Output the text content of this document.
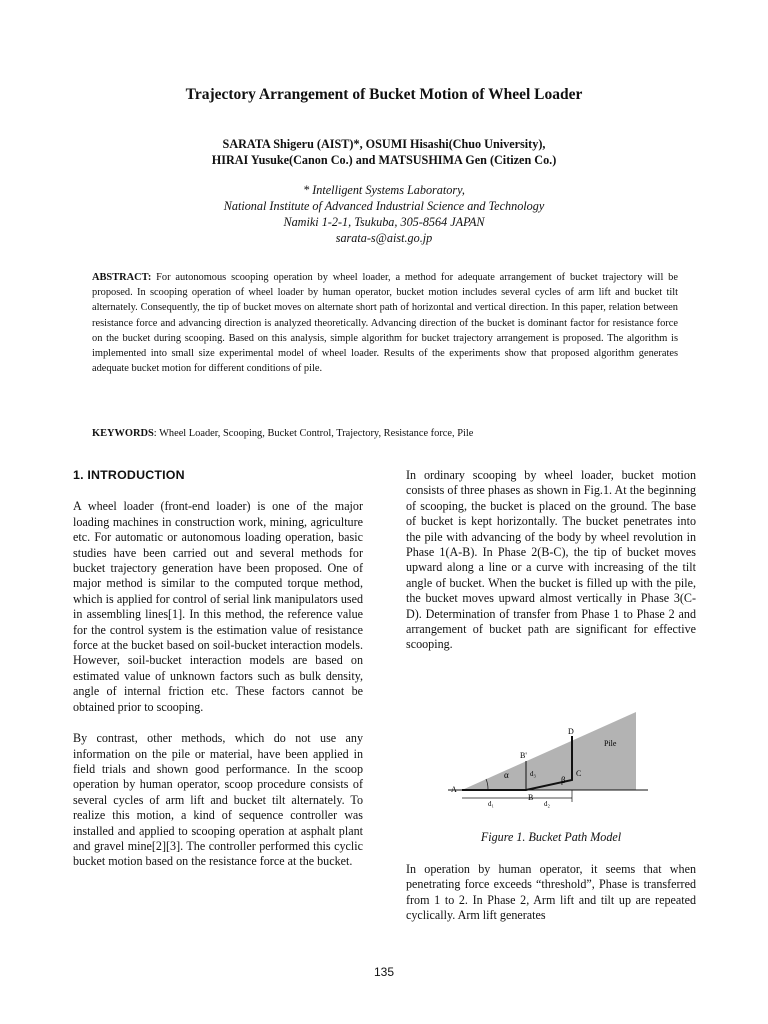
Trajectory Arrangement of Bucket Motion of Wheel Loader
SARATA Shigeru (AIST)*, OSUMI Hisashi(Chuo University),
HIRAI Yusuke(Canon Co.) and MATSUSHIMA Gen (Citizen Co.)
* Intelligent Systems Laboratory,
National Institute of Advanced Industrial Science and Technology
Namiki 1-2-1, Tsukuba, 305-8564 JAPAN
sarata-s@aist.go.jp
ABSTRACT: For autonomous scooping operation by wheel loader, a method for adequate arrangement of bucket trajectory will be proposed. In scooping operation of wheel loader by human operator, bucket motion includes several cycles of arm lift and bucket tilt alternately. Consequently, the tip of bucket moves on alternate short path of horizontal and vertical direction. In this paper, relation between resistance force and advancing direction is analyzed theoretically. Advancing direction of the bucket is dominant factor for resistance force on the bucket during scooping. Based on this analysis, simple algorithm for bucket trajectory arrangement is proposed. The algorithm is implemented into small size experimental model of wheel loader. Results of the experiments show that proposed algorithm generates adequate bucket motion for different conditions of pile.
KEYWORDS: Wheel Loader, Scooping, Bucket Control, Trajectory, Resistance force, Pile
1. INTRODUCTION

A wheel loader (front-end loader) is one of the major loading machines in construction work, mining, agriculture etc. For automatic or autonomous loading operation, basic studies have been carried out and several methods for bucket trajectory generation have been proposed. One of major method is similar to the computed torque method, which is applied for control of serial link manipulators used in assembling lines[1]. In this method, the reference value for the control system is the estimation value of resistance force at the bucket based on soil-bucket interaction models. However, soil-bucket interaction models are based on estimated value of unknown factors such as bulk density, angle of internal friction etc. These factors cannot be obtained prior to scooping.

By contrast, other methods, which do not use any information on the pile or material, have been applied in field trials and shown good performance. In the scoop operation by human operator, scoop procedure consists of several cycles of arm lift and bucket tilt alternately. To realize this motion, a kind of sequence controller was installed and applied to scooping operation at asphalt plant and gravel mine[2][3]. The controller performed this cyclic bucket motion based on the resistance force at the bucket.

In ordinary scooping by wheel loader, bucket motion consists of three phases as shown in Fig.1. At the beginning of scooping, the bucket is placed on the ground. The base of bucket is kept horizontally. The bucket penetrates into the pile with advancing of the body by wheel revolution in Phase 1(A-B). In Phase 2(B-C), the tip of bucket moves upward along a line or a curve with increasing of the tilt angle of bucket. When the bucket is filled up with the pile, the bucket moves upward almost vertically in Phase 3(C-D). Determination of transfer from Phase 1 to Phase 2 and arrangement of bucket path are significant for effective scooping.

A
B
B'
C
D
Pile
α	β
d₃
d₁	d₂
Figure 1. Bucket Path Model

In operation by human operator, it seems that when penetrating force exceeds “threshold”, Phase is transferred from 1 to 2. In Phase 2, Arm lift and tilt up are repeated cyclically. Arm lift generates

135
